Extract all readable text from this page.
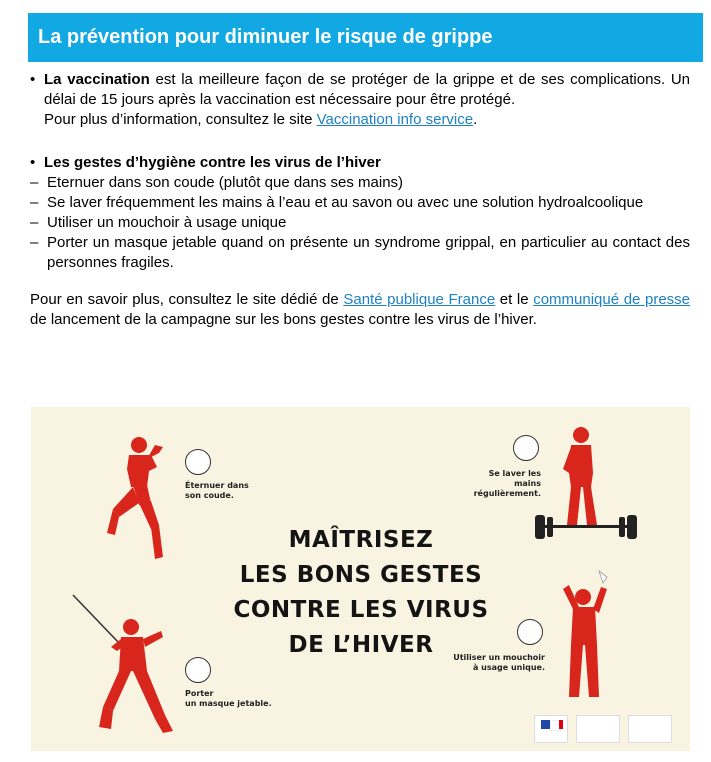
La prévention pour diminuer le risque de grippe
• La vaccination est la meilleure façon de se protéger de la grippe et de ses complications. Un délai de 15 jours après la vaccination est nécessaire pour être protégé.
Pour plus d’information, consultez le site Vaccination info service.

• Les gestes d’hygiène contre les virus de l’hiver
– Eternuer dans son coude (plutôt que dans ses mains)
– Se laver fréquemment les mains à l’eau et au savon ou avec une solution hydroalcoolique
– Utiliser un mouchoir à usage unique
– Porter un masque jetable quand on présente un syndrome grippal, en particulier au contact des personnes fragiles.

Pour en savoir plus, consultez le site dédié de Santé publique France et le communiqué de presse de lancement de la campagne sur les bons gestes contre les virus de l’hiver.

Éternuer dans
son coude.
Se laver les mains
régulièrement.
MAÎTRISEZ
LES BONS GESTES
CONTRE LES VIRUS
DE L’HIVER
Porter
un masque jetable.
Utiliser un mouchoir
à usage unique.
